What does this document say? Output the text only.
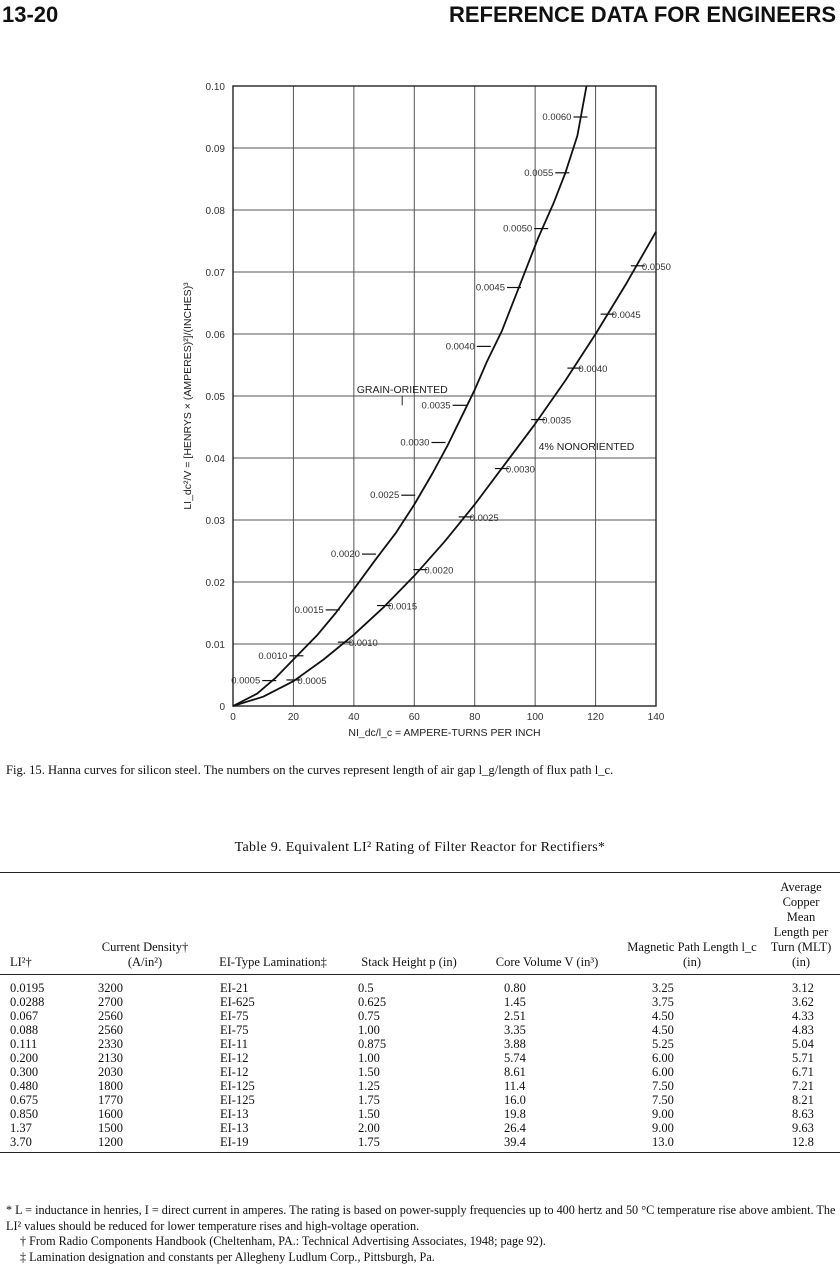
13-20	REFERENCE DATA FOR ENGINEERS
0
0.01
0.02
0.03
0.04
0.05
0.06
0.07
0.08
0.09
0.10
0	20	40	60	80	100	120	140
NI_dc/l_c = AMPERE-TURNS PER INCH
LI_dc²/V = [HENRYS × (AMPERES)²]/(INCHES)³
0.0005
0.0010
0.0015
0.0020
0.0025
0.0030
0.0035
0.0040
0.0045
0.0050
0.0055
0.0060
0.0005
0.0010
0.0015
0.0020
0.0025
0.0030
0.0035
0.0040
0.0045
0.0050
GRAIN-ORIENTED
4% NONORIENTED
Fig. 15. Hanna curves for silicon steel. The numbers on the curves represent length of air gap l_g/length of flux path l_c.
Table 9. Equivalent LI² Rating of Filter Reactor for Rectifiers*
LI²†	Current Density† (A/in²)	EI-Type Lamination‡	Stack Height p (in)	Core Volume V (in³)	Magnetic Path Length l_c (in)	Average Copper Mean Length per Turn (MLT)(in)
0.0195	3200	EI-21	0.5	0.80	3.25	3.12
0.0288	2700	EI-625	0.625	1.45	3.75	3.62
0.067	2560	EI-75	0.75	2.51	4.50	4.33
0.088	2560	EI-75	1.00	3.35	4.50	4.83
0.111	2330	EI-11	0.875	3.88	5.25	5.04
0.200	2130	EI-12	1.00	5.74	6.00	5.71
0.300	2030	EI-12	1.50	8.61	6.00	6.71
0.480	1800	EI-125	1.25	11.4	7.50	7.21
0.675	1770	EI-125	1.75	16.0	7.50	8.21
0.850	1600	EI-13	1.50	19.8	9.00	8.63
1.37	1500	EI-13	2.00	26.4	9.00	9.63
3.70	1200	EI-19	1.75	39.4	13.0	12.8

* L = inductance in henries, I = direct current in amperes. The rating is based on power-supply frequencies up to 400 hertz and 50 °C temperature rise above ambient. The LI² values should be reduced for lower temperature rises and high-voltage operation.

† From Radio Components Handbook (Cheltenham, PA.: Technical Advertising Associates, 1948; page 92).

‡ Lamination designation and constants per Allegheny Ludlum Corp., Pittsburgh, Pa.
